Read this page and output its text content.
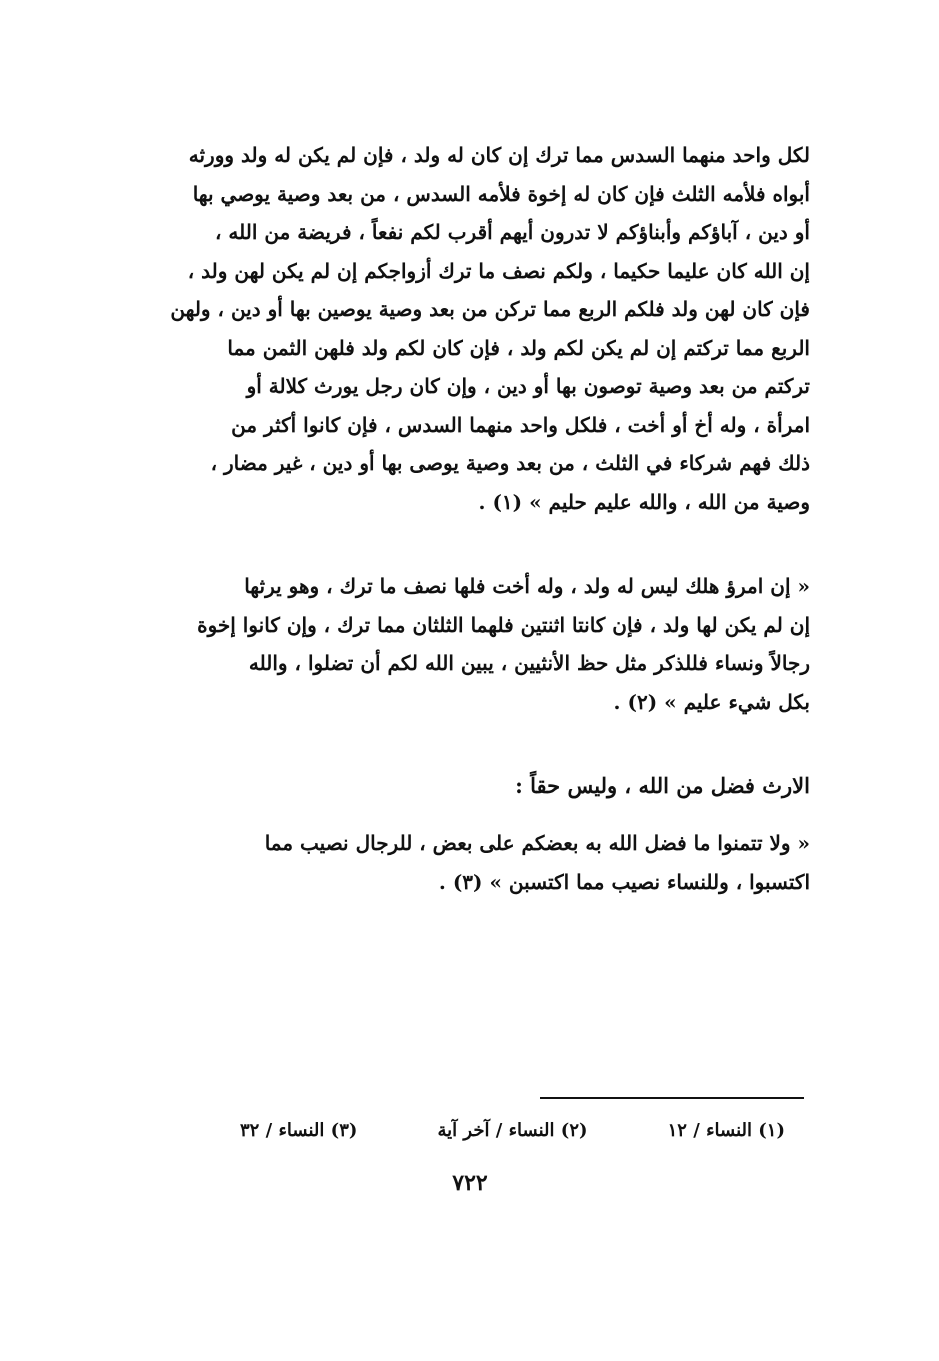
لكل واحد منهما السدس مما ترك إن كان له ولد ، فإن لم يكن له ولد وورثه
أبواه فلأمه الثلث فإن كان له إخوة فلأمه السدس ، من بعد وصية يوصي بها
أو دين ، آباؤكم وأبناؤكم لا تدرون أيهم أقرب لكم نفعاً ، فريضة من الله ،
إن الله كان عليما حكيما ، ولكم نصف ما ترك أزواجكم إن لم يكن لهن ولد ،
فإن كان لهن ولد فلكم الربع مما تركن من بعد وصية يوصين بها أو دين ، ولهن
الربع مما تركتم إن لم يكن لكم ولد ، فإن كان لكم ولد فلهن الثمن مما
تركتم من بعد وصية توصون بها أو دين ، وإن كان رجل يورث كلالة أو
امرأة ، وله أخ أو أخت ، فلكل واحد منهما السدس ، فإن كانوا أكثر من
ذلك فهم شركاء في الثلث ، من بعد وصية يوصى بها أو دين ، غير مضار ،
وصية من الله ، والله عليم حليم » (١) .
« إن امرؤ هلك ليس له ولد ، وله أخت فلها نصف ما ترك ، وهو يرثها
إن لم يكن لها ولد ، فإن كانتا اثنتين فلهما الثلثان مما ترك ، وإن كانوا إخوة
رجالاً ونساء فللذكر مثل حظ الأنثيين ، يبين الله لكم أن تضلوا ، والله
بكل شيء عليم » (٢) .
الارث فضل من الله ، وليس حقاً :
« ولا تتمنوا ما فضل الله به بعضكم على بعض ، للرجال نصيب مما
اكتسبوا ، وللنساء نصيب مما اكتسبن » (٣) .
(١) النساء / ١٢
(٢) النساء / آخر آية
(٣) النساء / ٣٢
٧٢٢
